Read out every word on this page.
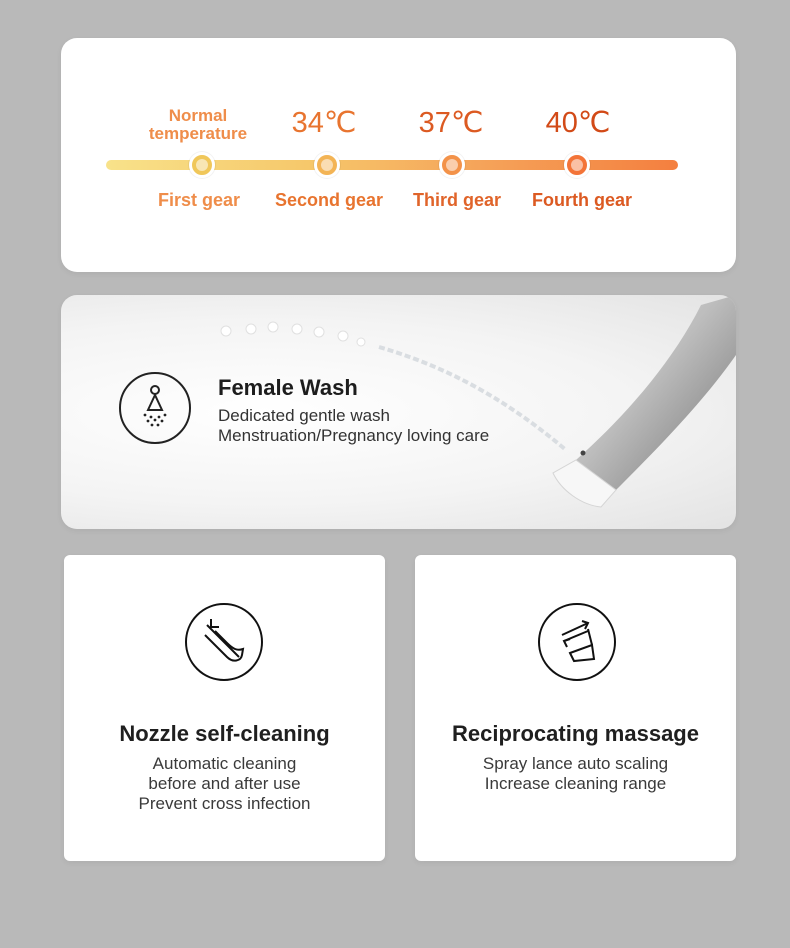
Normal
temperature	34℃	37℃	40℃
First gear	Second gear	Third gear	Fourth gear
Female Wash
Dedicated gentle wash
Menstruation/Pregnancy loving care
Nozzle self-cleaning
Automatic cleaning
before and after use
Prevent cross infection
Reciprocating massage
Spray lance auto scaling
Increase cleaning range
